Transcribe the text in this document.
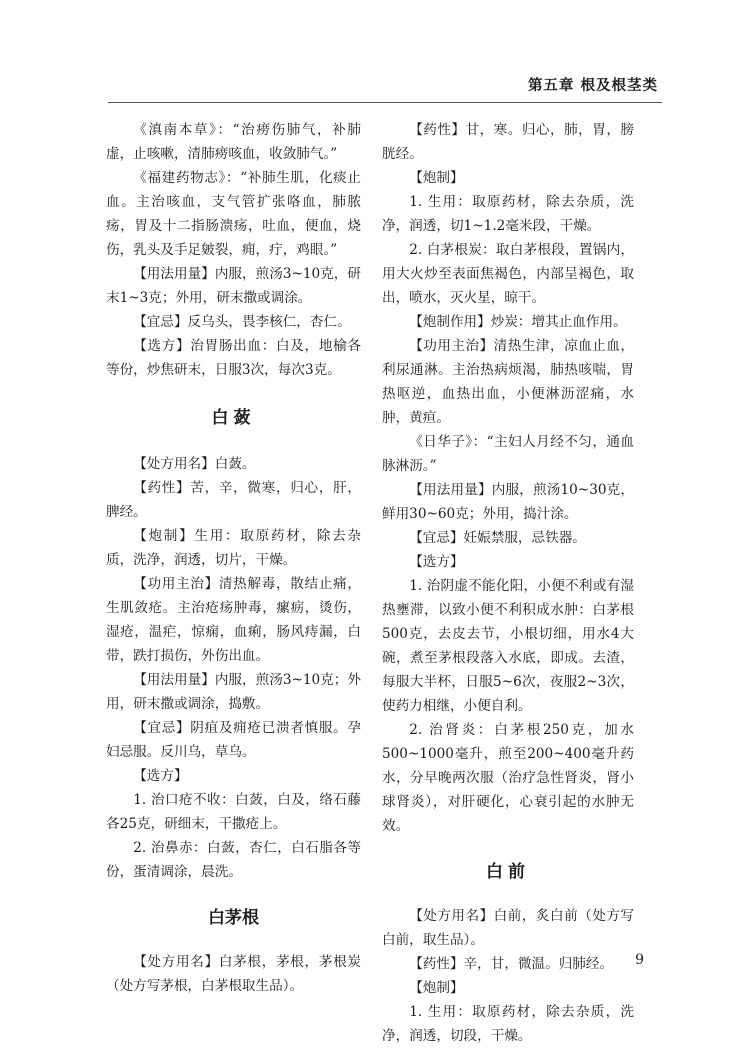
第五章 根及根茎类

《滇南本草》：“治痨伤肺气，补肺虚，止咳嗽，清肺痨咳血，收敛肺气。”

《福建药物志》：“补肺生肌，化痰止血。主治咳血，支气管扩张咯血，肺脓疡，胃及十二指肠溃疡，吐血，便血，烧伤，乳头及手足皴裂，痈，疔，鸡眼。”

【用法用量】内服，煎汤3~10克，研末1~3克；外用，研末撒或调涂。

【宜忌】反乌头，畏李核仁，杏仁。

【选方】治胃肠出血：白及，地榆各等份，炒焦研末，日服3次，每次3克。

白蔹

【处方用名】白蔹。

【药性】苦，辛，微寒，归心，肝，脾经。

【炮制】生用：取原药材，除去杂质，洗净，润透，切片，干燥。

【功用主治】清热解毒，散结止痛，生肌敛疮。主治疮疡肿毒，瘰疬，烫伤，湿疮，温疟，惊痫，血痢，肠风痔漏，白带，跌打损伤，外伤出血。

【用法用量】内服，煎汤3~10克；外用，研末撒或调涂，捣敷。

【宜忌】阴疽及痈疮已溃者慎服。孕妇忌服。反川乌，草乌。

【选方】

1. 治口疮不收：白蔹，白及，络石藤各25克，研细末，干撒疮上。

2. 治鼻赤：白蔹，杏仁，白石脂各等份，蛋清调涂，晨洗。

白茅根

【处方用名】白茅根，茅根，茅根炭（处方写茅根，白茅根取生品）。

【药性】甘，寒。归心，肺，胃，膀胱经。

【炮制】

1. 生用：取原药材，除去杂质，洗净，润透，切1~1.2毫米段，干燥。

2. 白茅根炭：取白茅根段，置锅内，用大火炒至表面焦褐色，内部呈褐色，取出，喷水，灭火星，晾干。

【炮制作用】炒炭：增其止血作用。

【功用主治】清热生津，凉血止血，利尿通淋。主治热病烦渴，肺热咳喘，胃热呕逆，血热出血，小便淋沥涩痛，水肿，黄疸。

《日华子》：“主妇人月经不匀，通血脉淋沥。”

【用法用量】内服，煎汤10~30克，鲜用30~60克；外用，捣汁涂。

【宜忌】妊娠禁服，忌铁器。

【选方】

1. 治阴虚不能化阳，小便不利或有湿热壅滞，以致小便不利积成水肿：白茅根500克，去皮去节，小根切细，用水4大碗，煮至茅根段落入水底，即成。去渣，每服大半杯，日服5~6次，夜服2~3次，使药力相继，小便自利。

2. 治肾炎：白茅根250克，加水500~1000毫升，煎至200~400毫升药水，分早晚两次服（治疗急性肾炎，肾小球肾炎），对肝硬化，心衰引起的水肿无效。

白前

【处方用名】白前，炙白前（处方写白前，取生品）。

【药性】辛，甘，微温。归肺经。

【炮制】

1. 生用：取原药材，除去杂质，洗净，润透，切段，干燥。

9
